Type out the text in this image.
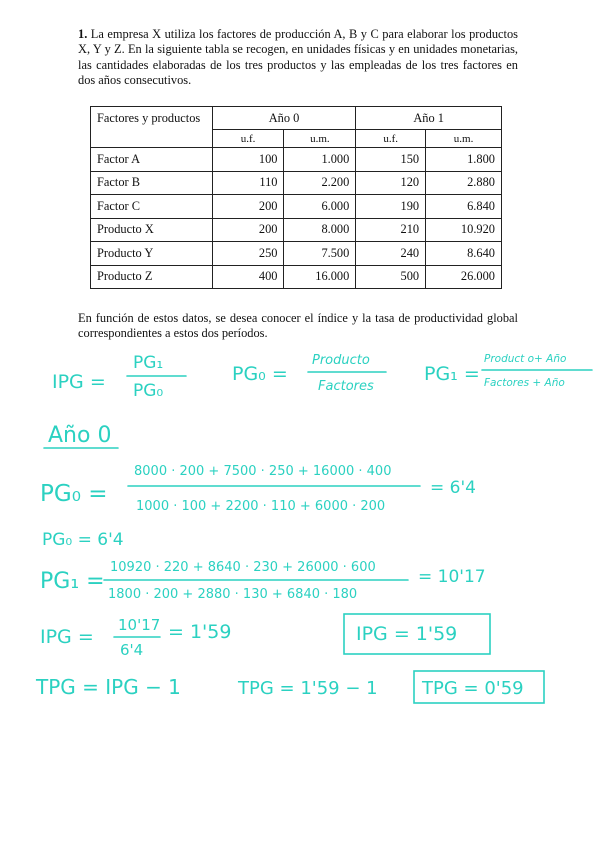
1. La empresa X utiliza los factores de producción A, B y C para elaborar los productos X, Y y Z. En la siguiente tabla se recogen, en unidades físicas y en unidades monetarias, las cantidades elaboradas de los tres productos y las empleadas de los tres factores en dos años consecutivos.
Factores y productos	Año 0		Año 1	
	u.f.	u.m.	u.f.	u.m.
Factor A	100	1.000	150	1.800
Factor B	110	2.200	120	2.880
Factor C	200	6.000	190	6.840
Producto X	200	8.000	210	10.920
Producto Y	250	7.500	240	8.640
Producto Z	400	16.000	500	26.000
En función de estos datos, se desea conocer el índice y la tasa de productividad global correspondientes a estos dos períodos.
IPG =
PG₁
PG₀
PG₀ =
Producto
Factores
PG₁ =
Product o+ Año
Factores + Año
Año 0
PG₀ =
8000 · 200 + 7500 · 250 + 16000 · 400
1000 · 100 + 2200 · 110 + 6000 · 200
= 6'4
PG₀ = 6'4
PG₁ =
10920 · 220 + 8640 · 230 + 26000 · 600
1800 · 200 + 2880 · 130 + 6840 · 180
= 10'17
IPG =
10'17
6'4
= 1'59	IPG = 1'59
TPG = IPG − 1	TPG = 1'59 − 1 TPG = 0'59
